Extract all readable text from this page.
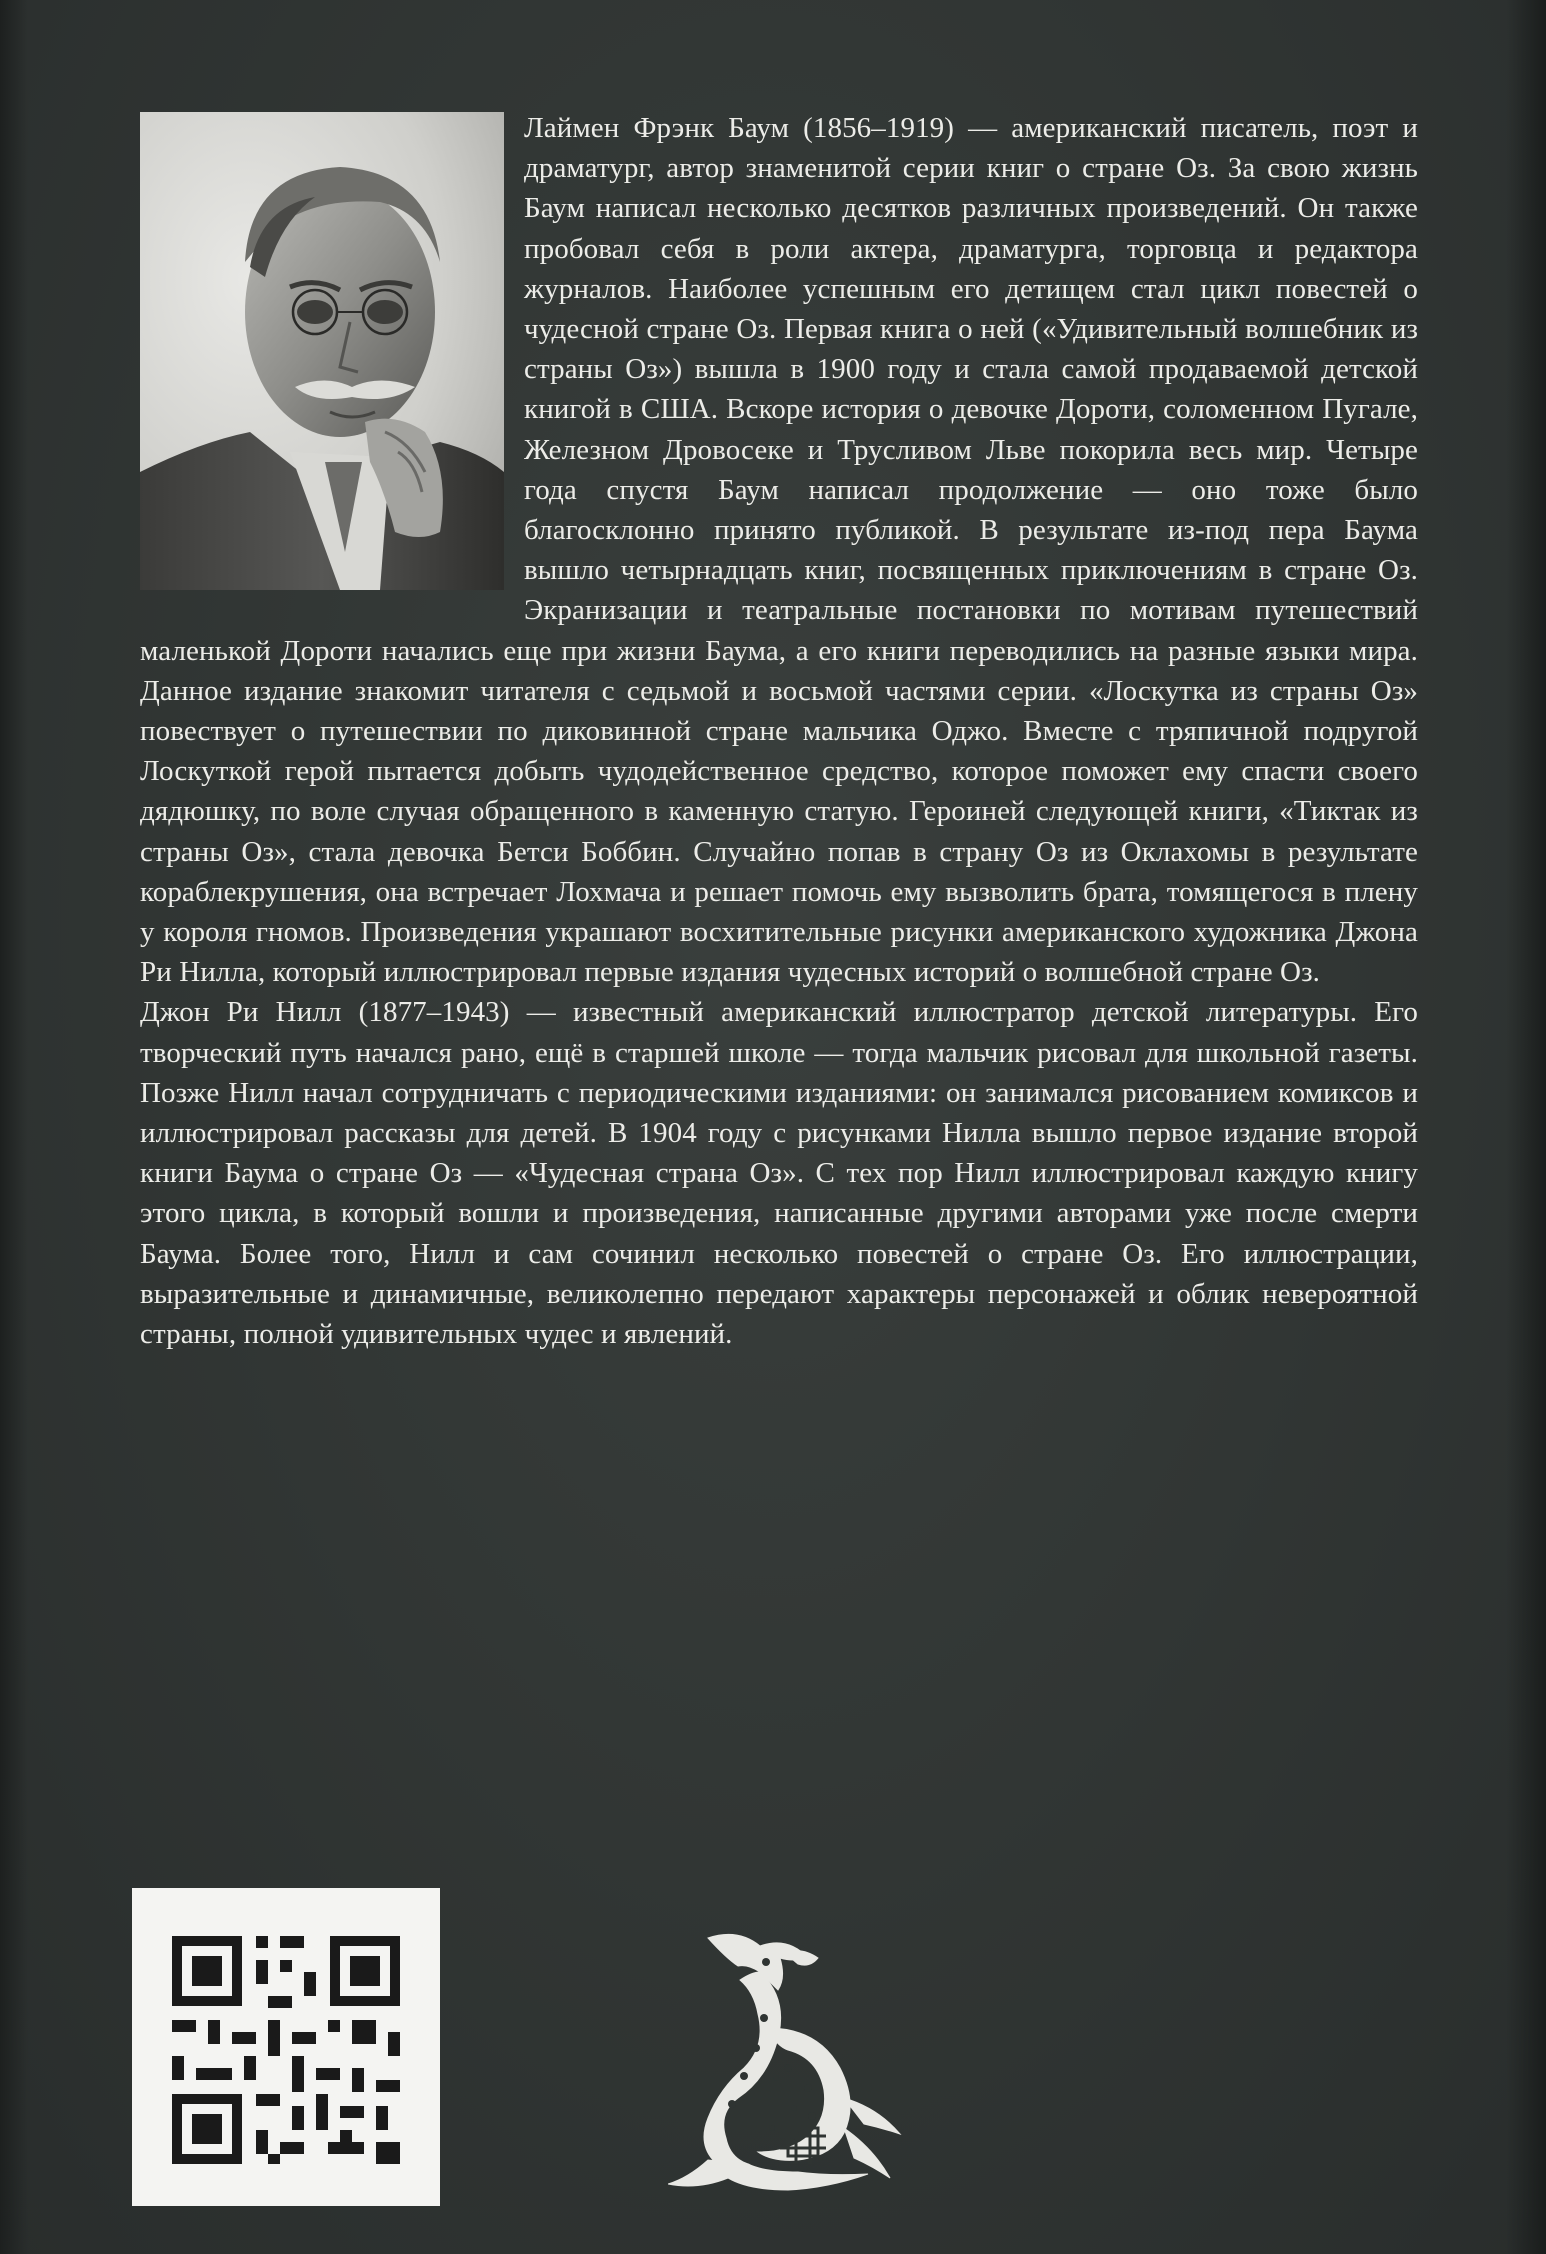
Лаймен Фрэнк Баум (1856–1919) — американский писатель, поэт и драматург, автор знаменитой серии книг о стране Оз. За свою жизнь Баум написал несколько десятков различных произведений. Он также пробовал себя в роли актера, драматурга, торговца и редактора журналов. Наиболее успешным его детищем стал цикл повестей о чудесной стране Оз. Первая книга о ней («Удивительный волшебник из страны Оз») вышла в 1900 году и стала самой продаваемой детской книгой в США. Вскоре история о девочке Дороти, соломенном Пугале, Железном Дровосеке и Трусливом Льве покорила весь мир. Четыре года спустя Баум написал продолжение — оно тоже было благосклонно принято публикой. В результате из-под пера Баума вышло четырнадцать книг, посвященных приключениям в стране Оз. Экранизации и театральные постановки по мотивам путешествий маленькой Дороти начались еще при жизни Баума, а его книги переводились на разные языки мира. Данное издание знакомит читателя с седьмой и восьмой частями серии. «Лоскутка из страны Оз» повествует о путешествии по диковинной стране мальчика Оджо. Вместе с тряпичной подругой Лоскуткой герой пытается добыть чудодейственное средство, которое поможет ему спасти своего дядюшку, по воле случая обращенного в каменную статую. Героиней следующей книги, «Тиктак из страны Оз», стала девочка Бетси Боббин. Случайно попав в страну Оз из Оклахомы в результате кораблекрушения, она встречает Лохмача и решает помочь ему вызволить брата, томящегося в плену у короля гномов. Произведения украшают восхитительные рисунки американского художника Джона Ри Нилла, который иллюстрировал первые издания чудесных историй о волшебной стране Оз.

Джон Ри Нилл (1877–1943) — известный американский иллюстратор детской литературы. Его творческий путь начался рано, ещё в старшей школе — тогда мальчик рисовал для школьной газеты. Позже Нилл начал сотрудничать с периодическими изданиями: он занимался рисованием комиксов и иллюстрировал рассказы для детей. В 1904 году с рисунками Нилла вышло первое издание второй книги Баума о стране Оз — «Чудесная страна Оз». С тех пор Нилл иллюстрировал каждую книгу этого цикла, в который вошли и произведения, написанные другими авторами уже после смерти Баума. Более того, Нилл и сам сочинил несколько повестей о стране Оз. Его иллюстрации, выразительные и динамичные, великолепно передают характеры персонажей и облик невероятной страны, полной удивительных чудес и явлений.
